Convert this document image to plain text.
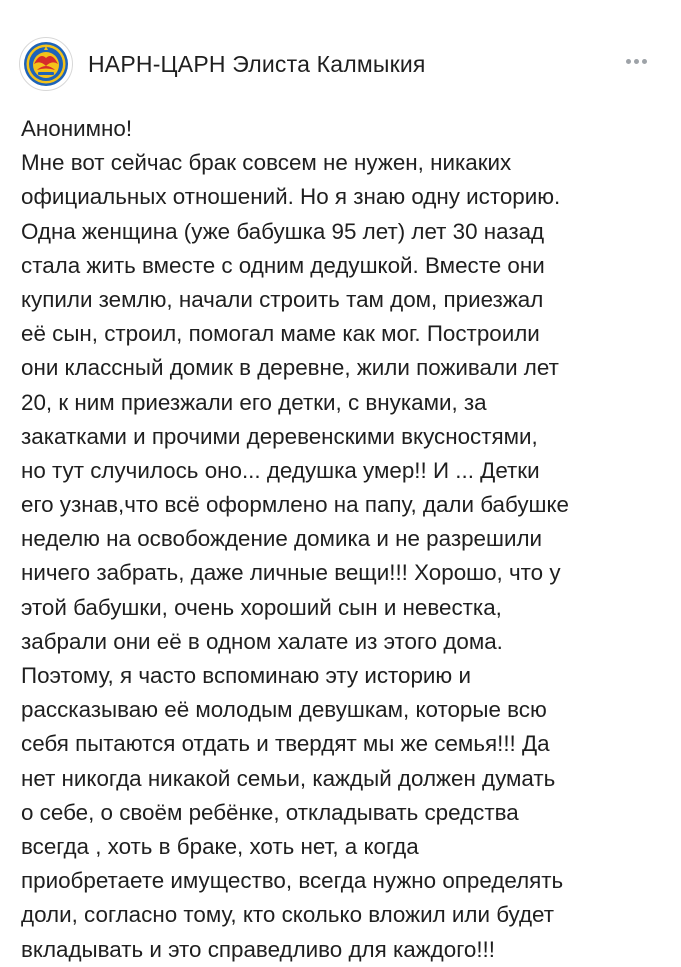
НАРН-ЦАРН Элиста Калмыкия
Анонимно!
Мне вот сейчас брак совсем не нужен, никаких
официальных отношений. Но я знаю одну историю.
Одна женщина (уже бабушка 95 лет) лет 30 назад
стала жить вместе с одним дедушкой. Вместе они
купили землю, начали строить там дом, приезжал
её сын, строил, помогал маме как мог. Построили
они классный домик в деревне, жили поживали лет
20, к ним приезжали его детки, с внуками, за
закатками и прочими деревенскими вкусностями,
но тут случилось оно... дедушка умер!! И ... Детки
его узнав,что всё оформлено на папу, дали бабушке
неделю на освобождение домика и не разрешили
ничего забрать, даже личные вещи!!! Хорошо, что у
этой бабушки, очень хороший сын и невестка,
забрали они её в одном халате из этого дома.
Поэтому, я часто вспоминаю эту историю и
рассказываю её молодым девушкам, которые всю
себя пытаются отдать и твердят мы же семья!!! Да
нет никогда никакой семьи, каждый должен думать
о себе, о своём ребёнке, откладывать средства
всегда , хоть в браке, хоть нет, а когда
приобретаете имущество, всегда нужно определять
доли, согласно тому, кто сколько вложил или будет
вкладывать и это справедливо для каждого!!!
